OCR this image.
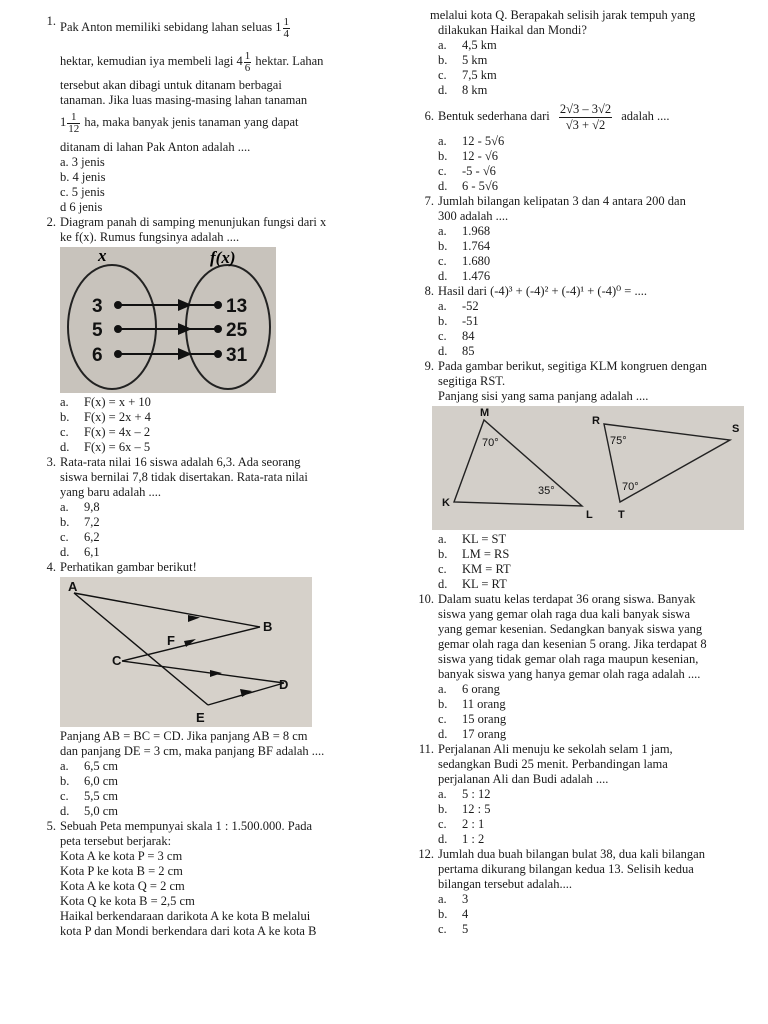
1. Pak Anton memiliki sebidang lahan seluas $1 \frac{1}{4}$
hektar, kemudian iya membeli lagi $4 \frac{1}{6}$ hektar. Lahan
tersebut akan dibagi untuk ditanam berbagai
tanaman. Jika luas masing-masing lahan tanaman
$1 \frac{1}{12}$ ha, maka banyak jenis tanaman yang dapat
ditanam di lahan Pak Anton adalah ....
a. 3 jenis
b. 4 jenis
c. 5 jenis
d 6 jenis
2. Diagram panah di samping menunjukan fungsi dari x
ke f(x). Rumus fungsinya adalah ....
x	f(x)
3
5
6
13
25
31
a.	F(x) = x + 10
b.	F(x) = 2x + 4
c.	F(x) = 4x – 2
d.	F(x) = 6x – 5
3. Rata-rata nilai 16 siswa adalah 6,3. Ada seorang
siswa bernilai 7,8 tidak disertakan. Rata-rata nilai
yang baru adalah ....
a.	9,8
b.	7,2
c.	6,2
d.	6,1
4. Perhatikan gambar berikut!
A
B
C
D
E
F
Panjang AB = BC = CD. Jika panjang AB = 8 cm
dan panjang DE = 3 cm, maka panjang BF adalah ....
a.	6,5 cm
b.	6,0 cm
c.	5,5 cm
d.	5,0 cm
5. Sebuah Peta mempunyai skala 1 : 1.500.000. Pada
peta tersebut berjarak:
Kota A ke kota P = 3 cm
Kota P ke kota B = 2 cm
Kota A ke kota Q = 2 cm
Kota Q ke kota B = 2,5 cm
Haikal berkendaraan darikota A ke kota B melalui
kota P dan Mondi berkendara dari kota A ke kota B
melalui kota Q. Berapakah selisih jarak tempuh yang
dilakukan Haikal dan Mondi?
a.	4,5 km
b.	5 km
c.	7,5 km
d.	8 km
6. Bentuk sederhana dari $\frac{2√3 - 3√2}{√3 + √2}$ adalah ....
a.	12 - 5√6
b.	12 - √6
c.	-5 - √6
d.	6 - 5√6
7. Jumlah bilangan kelipatan 3 dan 4 antara 200 dan
300 adalah ....
a.	1.968
b.	1.764
c.	1.680
d.	1.476
8. Hasil dari (-4)³ + (-4)² + (-4)¹ + (-4)⁰ = ....
a.	-52
b.	-51
c.	84
d.	85
9. Pada gambar berikut, segitiga KLM kongruen dengan
segitiga RST.
Panjang sisi yang sama panjang adalah ....
M
K
L
R
S
T
70°
35°
75°
70°
a.	KL = ST
b.	LM = RS
c.	KM = RT
d.	KL = RT
10. Dalam suatu kelas terdapat 36 orang siswa. Banyak
siswa yang gemar olah raga dua kali banyak siswa
yang gemar kesenian. Sedangkan banyak siswa yang
gemar olah raga dan kesenian 5 orang. Jika terdapat 8
siswa yang tidak gemar olah raga maupun kesenian,
banyak siswa yang hanya gemar olah raga adalah ....
a.	6 orang
b.	11 orang
c.	15 orang
d.	17 orang
11. Perjalanan Ali menuju ke sekolah selam 1 jam,
sedangkan Budi 25 menit. Perbandingan lama
perjalanan Ali dan Budi adalah ....
a.	5 : 12
b.	12 : 5
c.	2 : 1
d.	1 : 2
12. Jumlah dua buah bilangan bulat 38, dua kali bilangan
pertama dikurang bilangan kedua 13. Selisih kedua
bilangan tersebut adalah....
a.	3
b.	4
c.	5
